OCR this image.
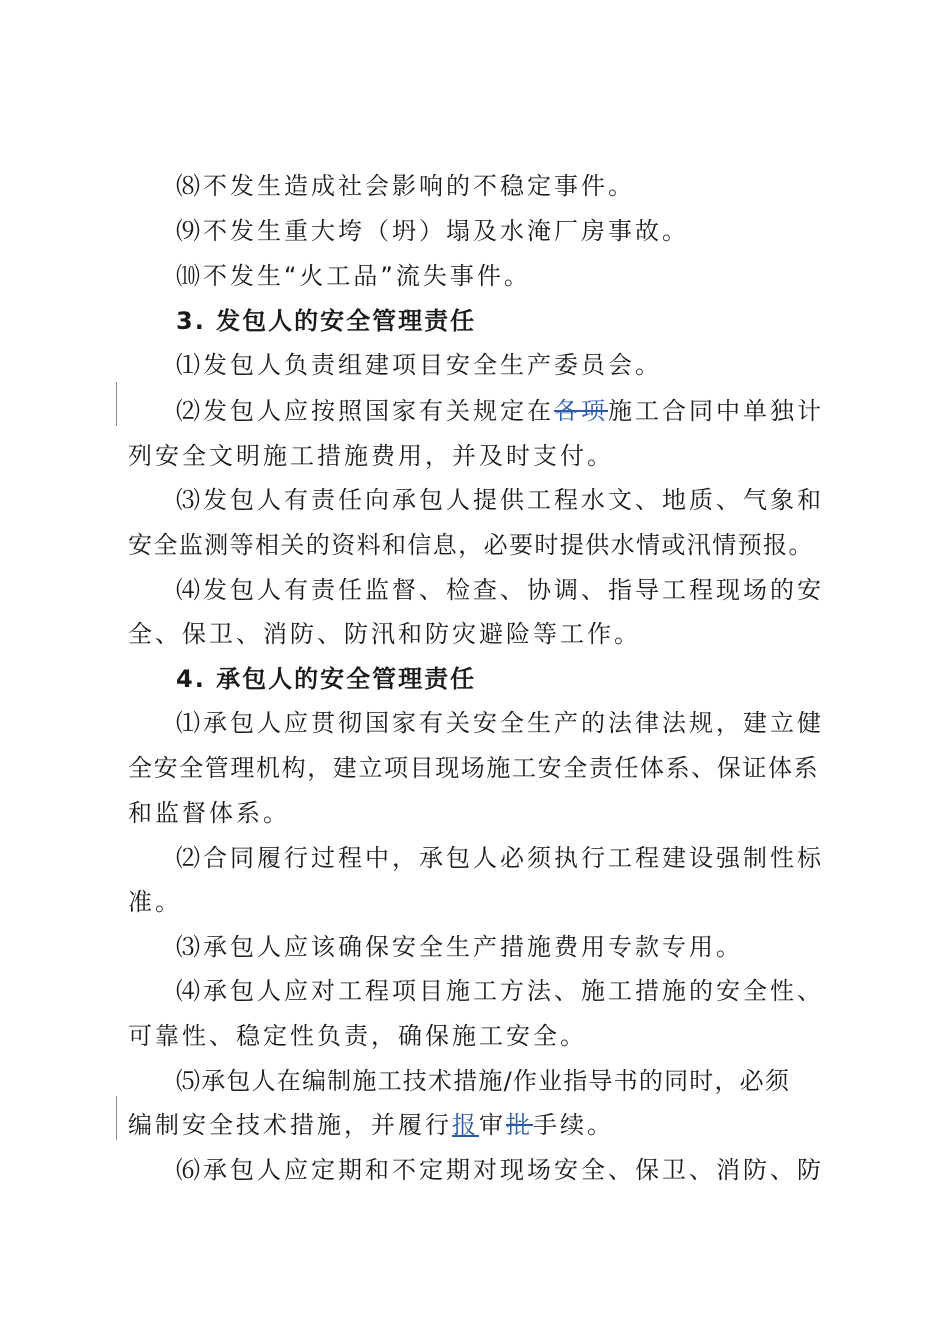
⑻不发生造成社会影响的不稳定事件。
⑼不发生重大垮（坍）塌及水淹厂房事故。
⑽不发生“火工品”流失事件。
3. 发包人的安全管理责任
⑴发包人负责组建项目安全生产委员会。
⑵发包人应按照国家有关规定在各项施工合同中单独计
列安全文明施工措施费用，并及时支付。
⑶发包人有责任向承包人提供工程水文、地质、气象和
安全监测等相关的资料和信息，必要时提供水情或汛情预报。
⑷发包人有责任监督、检查、协调、指导工程现场的安
全、保卫、消防、防汛和防灾避险等工作。
4. 承包人的安全管理责任
⑴承包人应贯彻国家有关安全生产的法律法规，建立健
全安全管理机构，建立项目现场施工安全责任体系、保证体系
和监督体系。
⑵合同履行过程中，承包人必须执行工程建设强制性标
准。
⑶承包人应该确保安全生产措施费用专款专用。
⑷承包人应对工程项目施工方法、施工措施的安全性、
可靠性、稳定性负责，确保施工安全。
⑸承包人在编制施工技术措施/作业指导书的同时，必须
编制安全技术措施，并履行报审批手续。
⑹承包人应定期和不定期对现场安全、保卫、消防、防
